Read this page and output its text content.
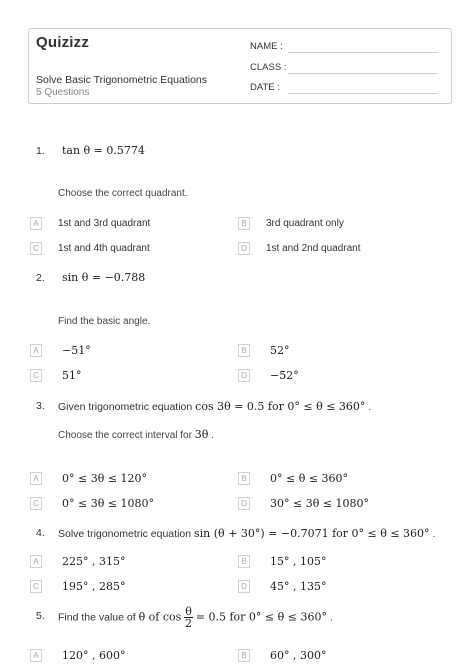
Quizizz
Solve Basic Trigonometric Equations
5 Questions
NAME :
CLASS :
DATE :
1. tan θ = 0.5774
Choose the correct quadrant.
A	1st and 3rd quadrant	B	3rd quadrant only
C	1st and 4th quadrant	D	1st and 2nd quadrant
2. sin θ = −0.788
Find the basic angle.
A	−51°	B	52°
C 51°	D −52°
3. Given trigonometric equation cos 3θ = 0.5 for 0° ≤ θ ≤ 360° .
Choose the correct interval for 3θ .
A	0° ≤ 3θ ≤ 120°	B	0° ≤ θ ≤ 360°
C 0° ≤ 3θ ≤ 1080°	D 30° ≤ 3θ ≤ 1080°
4. Solve trigonometric equation sin (θ + 30°) = −0.7071 for 0° ≤ θ ≤ 360° .
A	225° , 315°	B	15° , 105°
C 195° , 285°	D 45° , 135°
5. Find the value of θ of $\cos \frac{\theta}{2} = 0.5$ for 0° ≤ θ ≤ 360° .
A	120° , 600°	B	60° , 300°
